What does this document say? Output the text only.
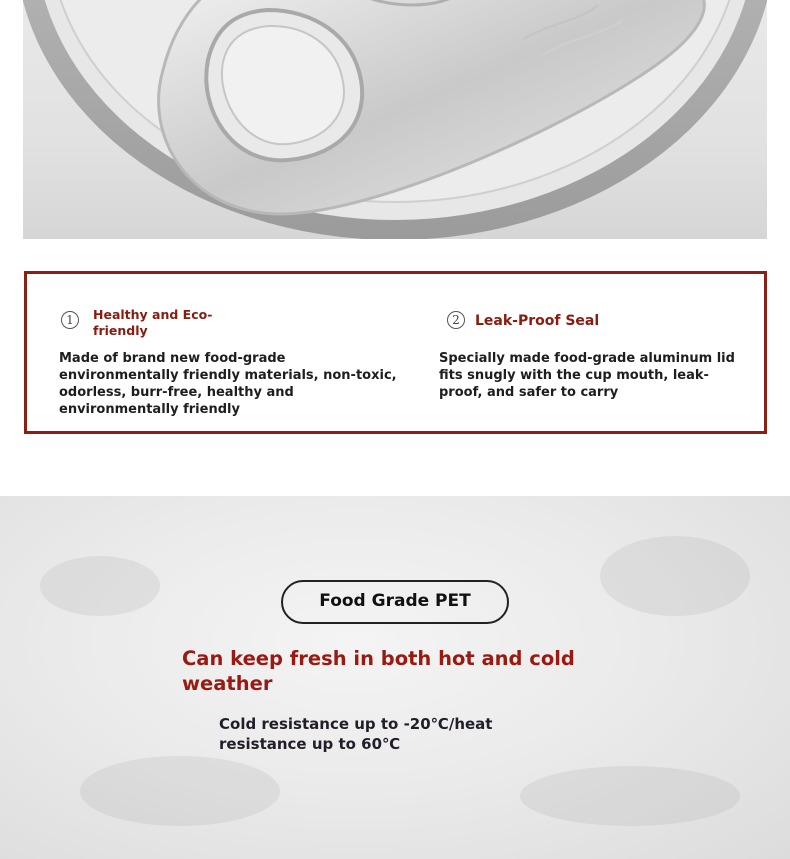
1	Healthy and Eco-friendly
Made of brand new food-grade environmentally friendly materials, non-toxic, odorless, burr-free, healthy and environmentally friendly
2	Leak-Proof Seal
Specially made food-grade aluminum lid fits snugly with the cup mouth, leak-proof, and safer to carry
Food Grade PET
Can keep fresh in both hot and cold weather
Cold resistance up to -20℃/heat resistance up to 60℃
